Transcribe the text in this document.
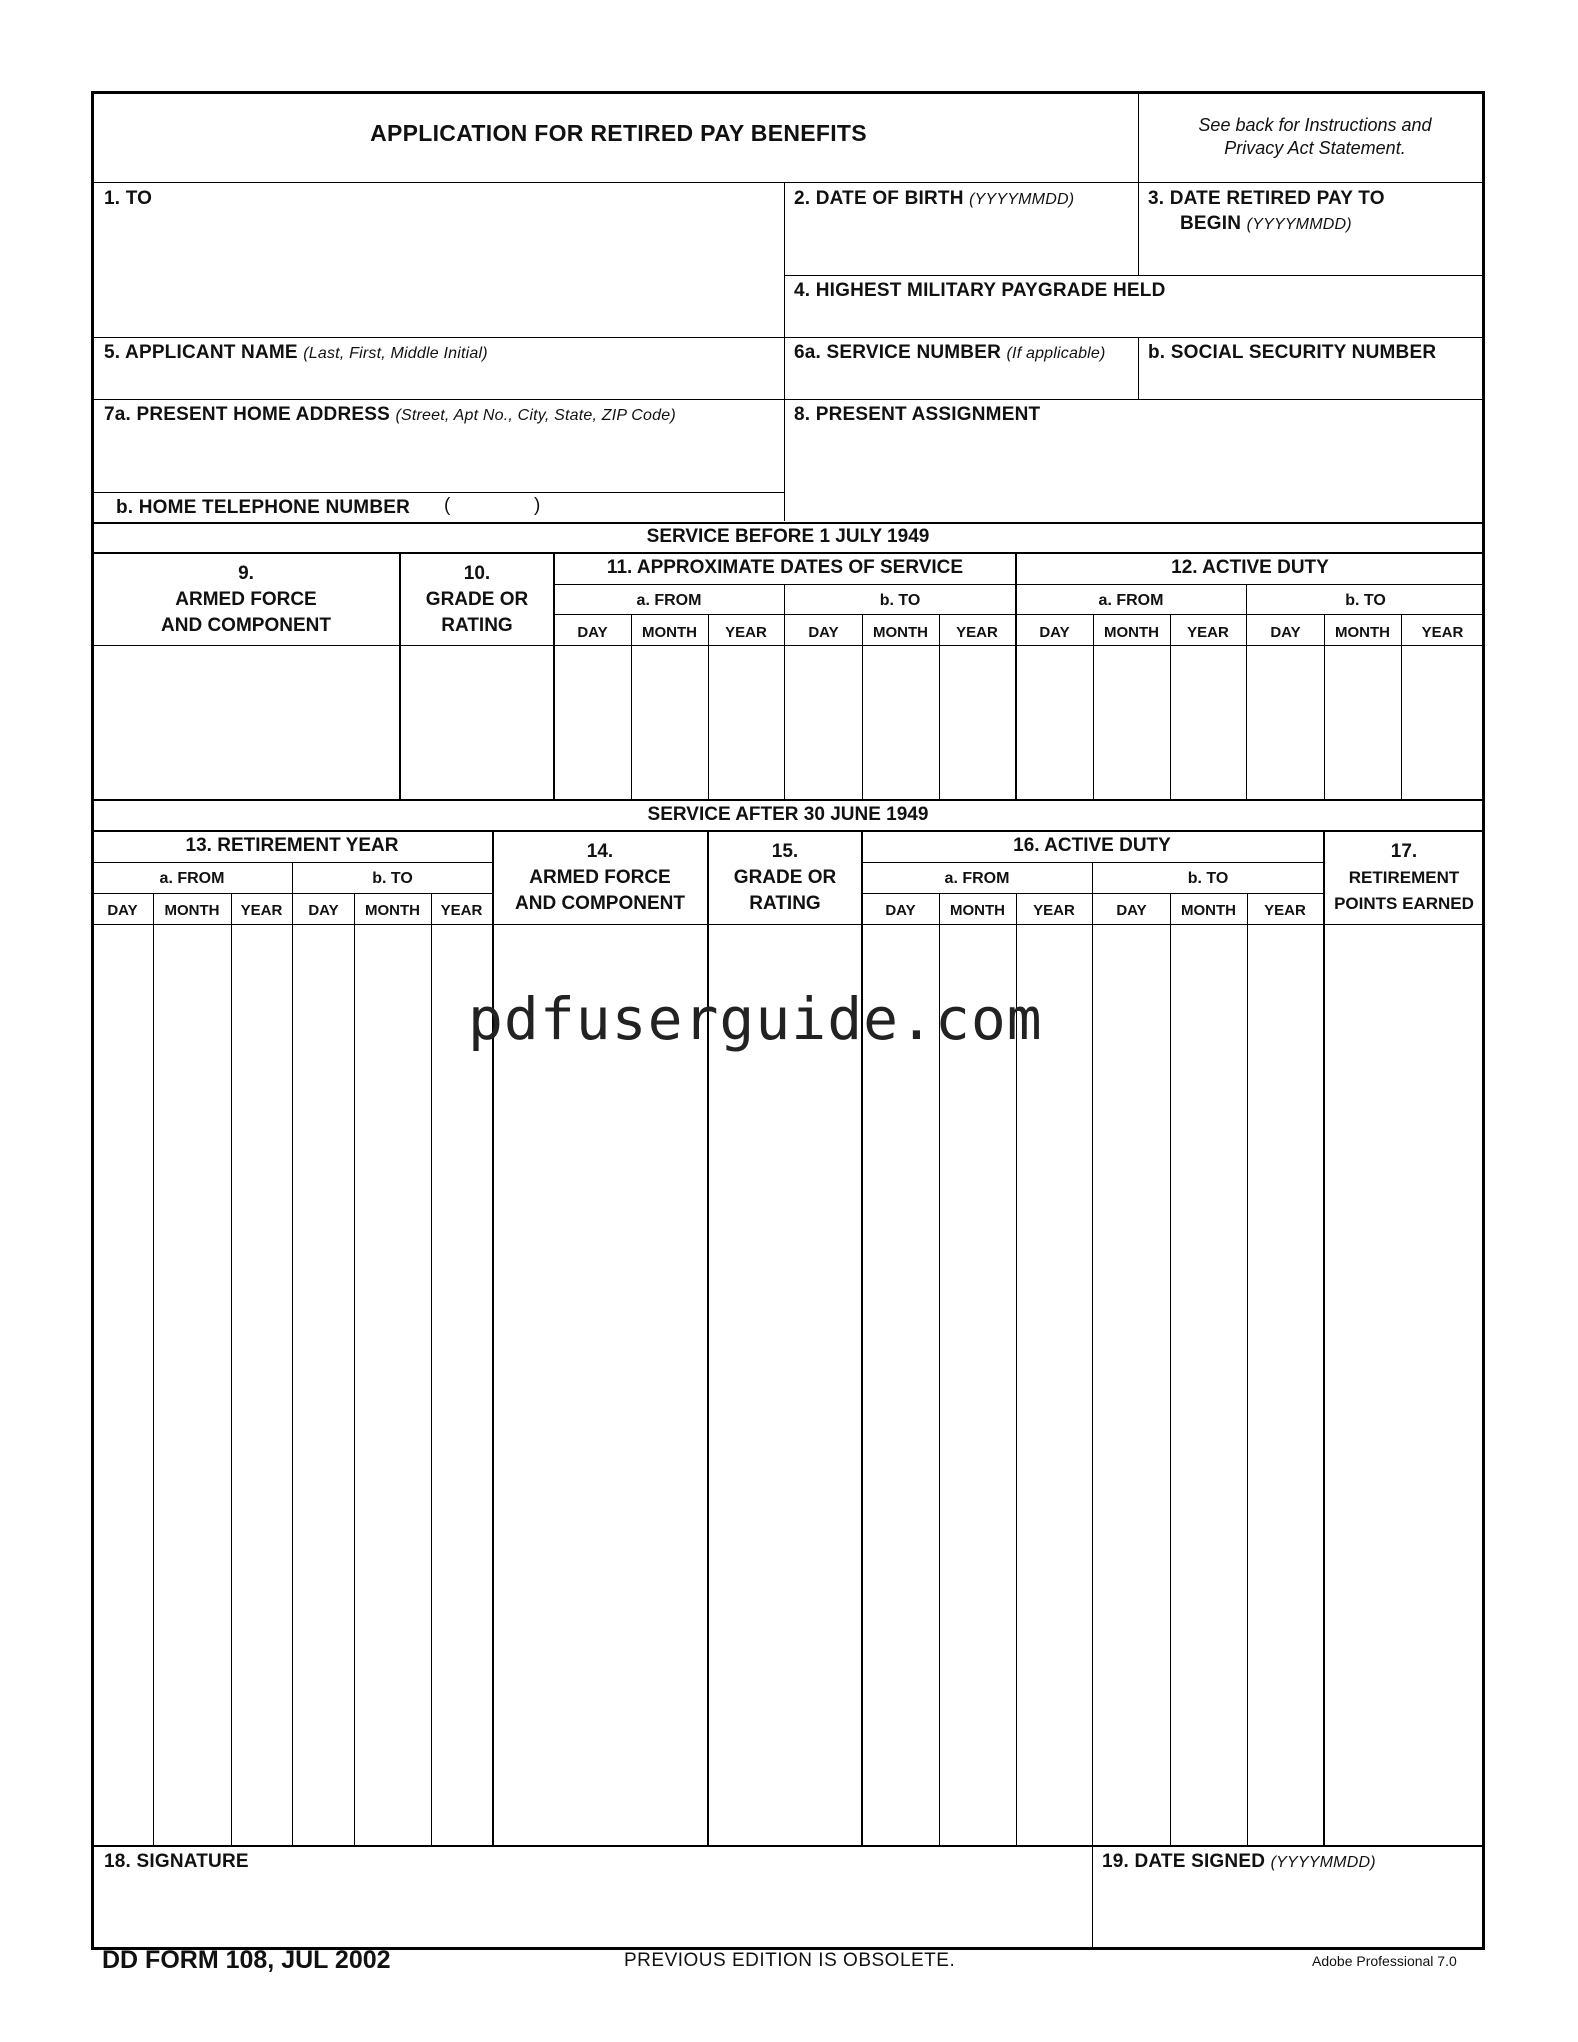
APPLICATION FOR RETIRED PAY BENEFITS	See back for Instructions and
Privacy Act Statement.
1. TO	2. DATE OF BIRTH (YYYYMMDD)	3. DATE RETIRED PAY TO
BEGIN (YYYYMMDD)
4. HIGHEST MILITARY PAYGRADE HELD
5. APPLICANT NAME (Last, First, Middle Initial)	6a. SERVICE NUMBER (If applicable) b. SOCIAL SECURITY NUMBER
7a. PRESENT HOME ADDRESS (Street, Apt No., City, State, ZIP Code)	8. PRESENT ASSIGNMENT
b. HOME TELEPHONE NUMBER (	)
SERVICE BEFORE 1 JULY 1949
9.
ARMED FORCE
AND COMPONENT
10.
GRADE OR
RATING
11. APPROXIMATE DATES OF SERVICE	12. ACTIVE DUTY
a. FROM	b. TO	a. FROM	b. TO
DAY	MONTH	YEAR	DAY	MONTH	YEAR	DAY	MONTH	YEAR	DAY	MONTH	YEAR
SERVICE AFTER 30 JUNE 1949
13. RETIREMENT YEAR	14.
ARMED FORCE
AND COMPONENT
15.
GRADE OR
RATING
16. ACTIVE DUTY	17.
RETIREMENT
POINTS EARNED
a. FROM	b. TO	a. FROM	b. TO
DAY	MONTH	YEAR	DAY	MONTH	YEAR	DAY	MONTH	YEAR	DAY	MONTH	YEAR
pdfuserguide.com
18. SIGNATURE	19. DATE SIGNED (YYYYMMDD)
DD FORM 108, JUL 2002	PREVIOUS EDITION IS OBSOLETE.	Adobe Professional 7.0
